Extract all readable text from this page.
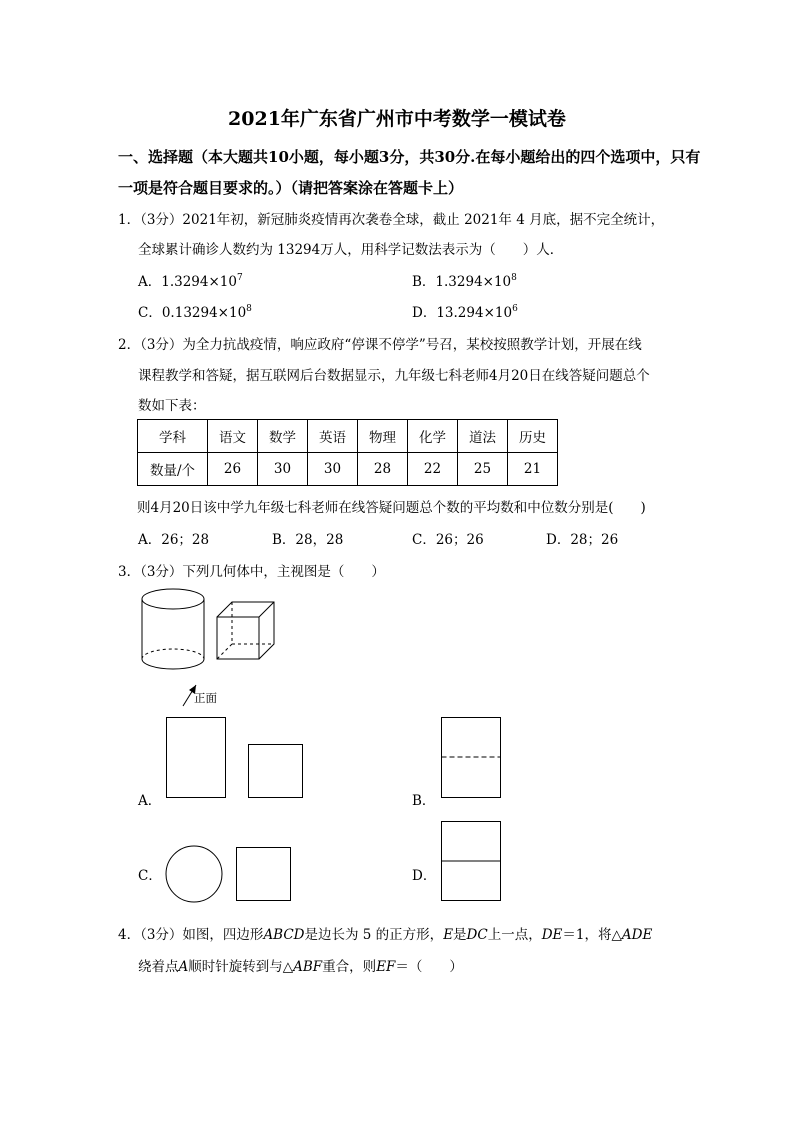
2021年广东省广州市中考数学一模试卷
一、选择题（本大题共10小题，每小题3分，共30分.在每小题给出的四个选项中，只有
一项是符合题目要求的。）（请把答案涂在答题卡上）
1．（3分）2021年初，新冠肺炎疫情再次袭卷全球，截止 2021年 4 月底，据不完全统计，
全球累计确诊人数约为 13294万人，用科学记数法表示为（　　）人．
A．$1.3294\times 10^7$	B．$1.3294\times 10^8$
C．$0.13294\times 10^8$	D．$13.294\times 10^6$
2．（3分）为全力抗战疫情，响应政府“停课不停学”号召，某校按照教学计划，开展在线
课程教学和答疑，据互联网后台数据显示，九年级七科老师4月20日在线答疑问题总个
数如下表：
学科	语文	数学	英语	物理	化学	道法	历史
数量/个	26	30	30	28	22	25	21
则4月20日该中学九年级七科老师在线答疑问题总个数的平均数和中位数分别是(　　)
A．26；28	B．28，28	C．26；26	D．28；26
3．（3分）下列几何体中，主视图是（　　）
正面
A．	B．
C．	D．
4．（3分）如图，四边形ABCD是边长为 5 的正方形，E是DC上一点，DE＝1，将△ADE
绕着点A顺时针旋转到与△ABF重合，则EF＝（　　）
